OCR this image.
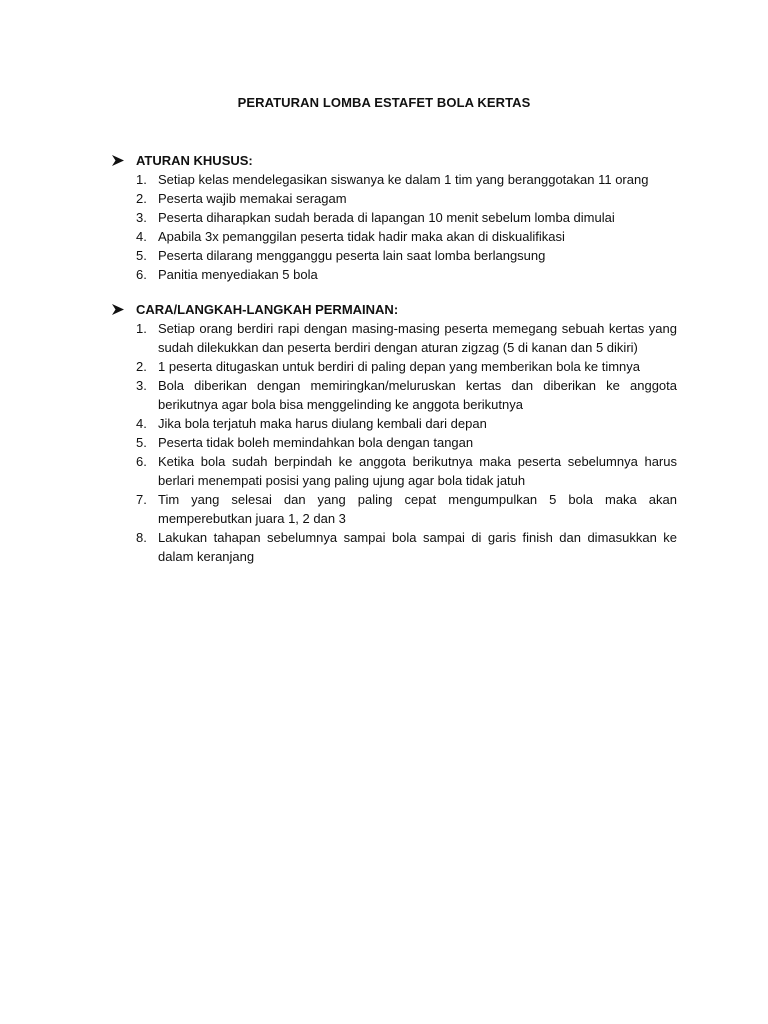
PERATURAN LOMBA ESTAFET BOLA KERTAS
ATURAN KHUSUS:
1. Setiap kelas mendelegasikan siswanya ke dalam 1 tim yang beranggotakan 11 orang
2. Peserta wajib memakai seragam
3. Peserta diharapkan sudah berada di lapangan 10 menit sebelum lomba dimulai
4. Apabila 3x pemanggilan peserta tidak hadir maka akan di diskualifikasi
5. Peserta dilarang mengganggu peserta lain saat lomba berlangsung
6. Panitia menyediakan 5 bola
CARA/LANGKAH-LANGKAH PERMAINAN:
1. Setiap orang berdiri rapi dengan masing-masing peserta memegang sebuah kertas yang sudah dilekukkan dan peserta berdiri dengan aturan zigzag (5 di kanan dan 5 dikiri)
2. 1 peserta ditugaskan untuk berdiri di paling depan yang memberikan bola ke timnya
3. Bola diberikan dengan memiringkan/meluruskan kertas dan diberikan ke anggota berikutnya agar bola bisa menggelinding ke anggota berikutnya
4. Jika bola terjatuh maka harus diulang kembali dari depan
5. Peserta tidak boleh memindahkan bola dengan tangan
6. Ketika bola sudah berpindah ke anggota berikutnya maka peserta sebelumnya harus berlari menempati posisi yang paling ujung agar bola tidak jatuh
7. Tim yang selesai dan yang paling cepat mengumpulkan 5 bola maka akan memperebutkan juara 1, 2 dan 3
8. Lakukan tahapan sebelumnya sampai bola sampai di garis finish dan dimasukkan ke dalam keranjang
